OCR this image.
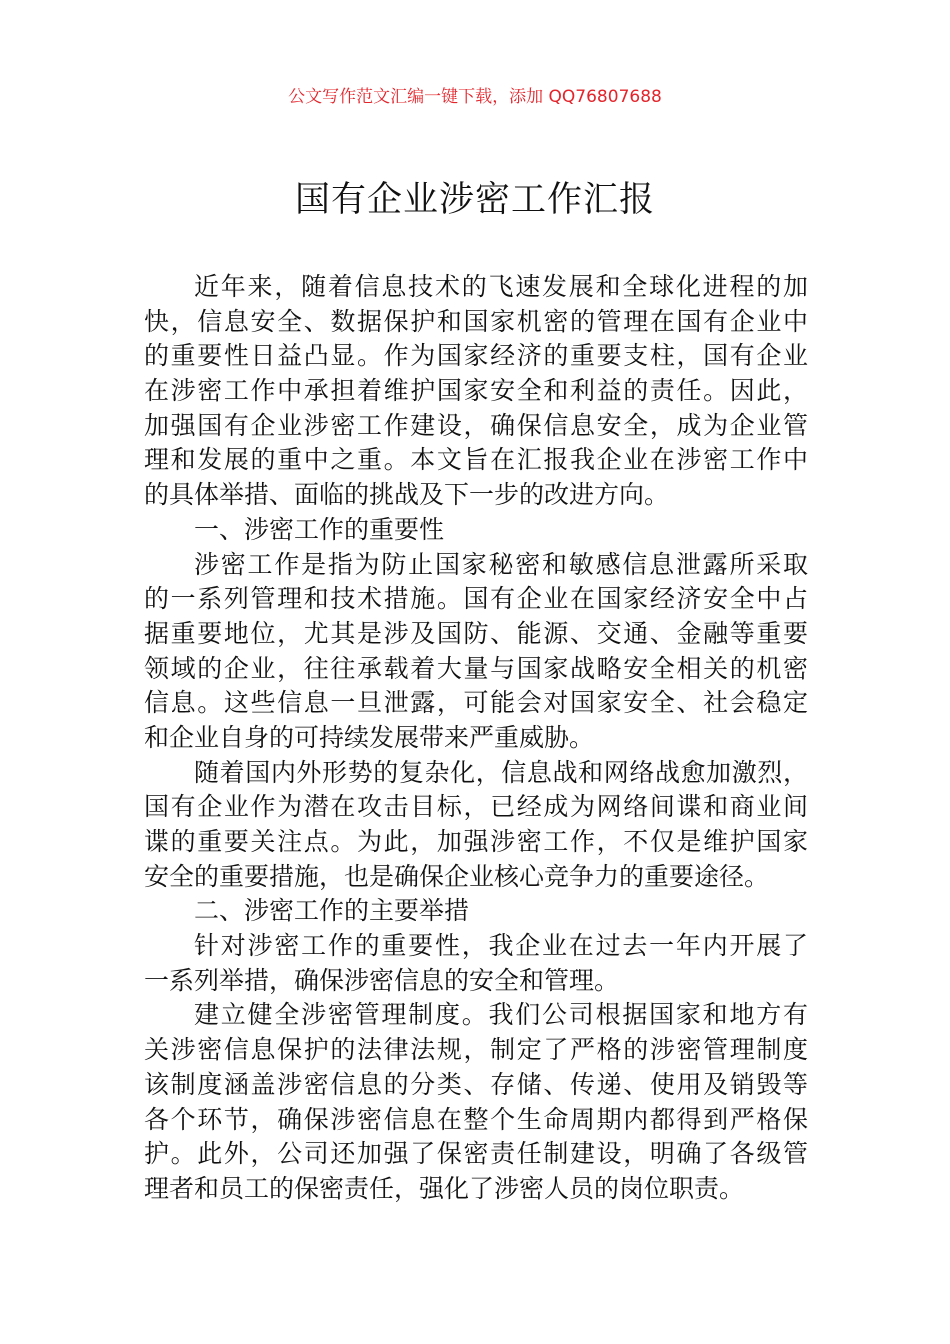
公文写作范文汇编一键下载，添加 QQ76807688
国有企业涉密工作汇报
近年来，随着信息技术的飞速发展和全球化进程的加
快，信息安全、数据保护和国家机密的管理在国有企业中
的重要性日益凸显。作为国家经济的重要支柱，国有企业
在涉密工作中承担着维护国家安全和利益的责任。因此，
加强国有企业涉密工作建设，确保信息安全，成为企业管
理和发展的重中之重。本文旨在汇报我企业在涉密工作中
的具体举措、面临的挑战及下一步的改进方向。
一、涉密工作的重要性
涉密工作是指为防止国家秘密和敏感信息泄露所采取
的一系列管理和技术措施。国有企业在国家经济安全中占
据重要地位，尤其是涉及国防、能源、交通、金融等重要
领域的企业，往往承载着大量与国家战略安全相关的机密
信息。这些信息一旦泄露，可能会对国家安全、社会稳定
和企业自身的可持续发展带来严重威胁。
随着国内外形势的复杂化，信息战和网络战愈加激烈，
国有企业作为潜在攻击目标，已经成为网络间谍和商业间
谍的重要关注点。为此，加强涉密工作，不仅是维护国家
安全的重要措施，也是确保企业核心竞争力的重要途径。
二、涉密工作的主要举措
针对涉密工作的重要性，我企业在过去一年内开展了
一系列举措，确保涉密信息的安全和管理。
建立健全涉密管理制度。我们公司根据国家和地方有
关涉密信息保护的法律法规，制定了严格的涉密管理制度
该制度涵盖涉密信息的分类、存储、传递、使用及销毁等
各个环节，确保涉密信息在整个生命周期内都得到严格保
护。此外，公司还加强了保密责任制建设，明确了各级管
理者和员工的保密责任，强化了涉密人员的岗位职责。
